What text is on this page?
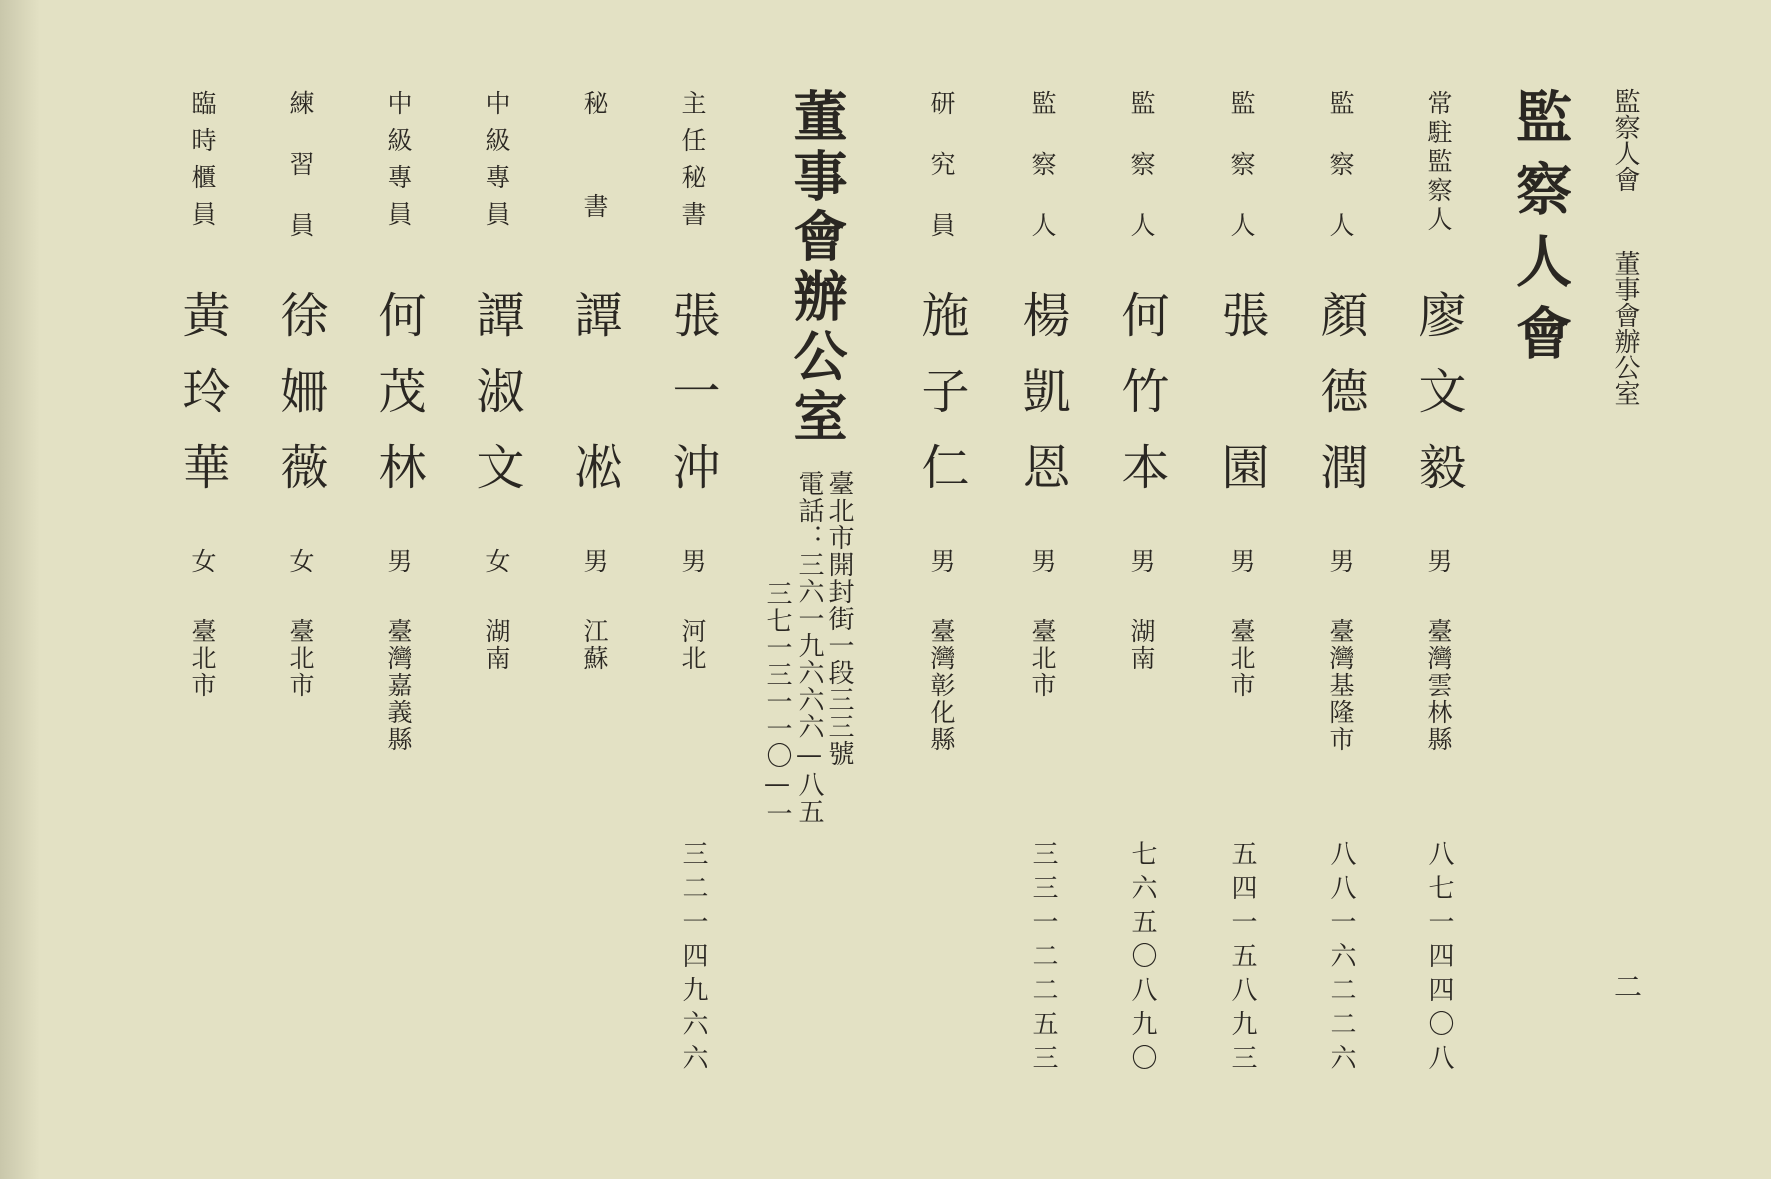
監察人會
董事會辦公室
監察人會
常駐監察人
廖文毅
男
臺灣雲林縣
八七一四四〇八
監察人
顏德潤
男
臺灣基隆市
八八一六二二六
監察人
張　園
男
臺北市
五四一五八九三
監察人
何竹本
男
湖南
七六五〇八九〇
監察人
楊凱恩
男
臺北市
三三一二二五三
研究員
施子仁
男
臺灣彰化縣
董事會辦公室
臺北市開封街一段三三號
電話：三六一九六六六—八五
三七一三一一〇—一
主任秘書
張一沖
男
河北
三二一四九六六
秘書
譚　凇
男
江蘇
中級專員
譚淑文
女
湖南
中級專員
何茂林
男
臺灣嘉義縣
練習員
徐姍薇
女
臺北市
臨時櫃員
黃玲華
女
臺北市
二
